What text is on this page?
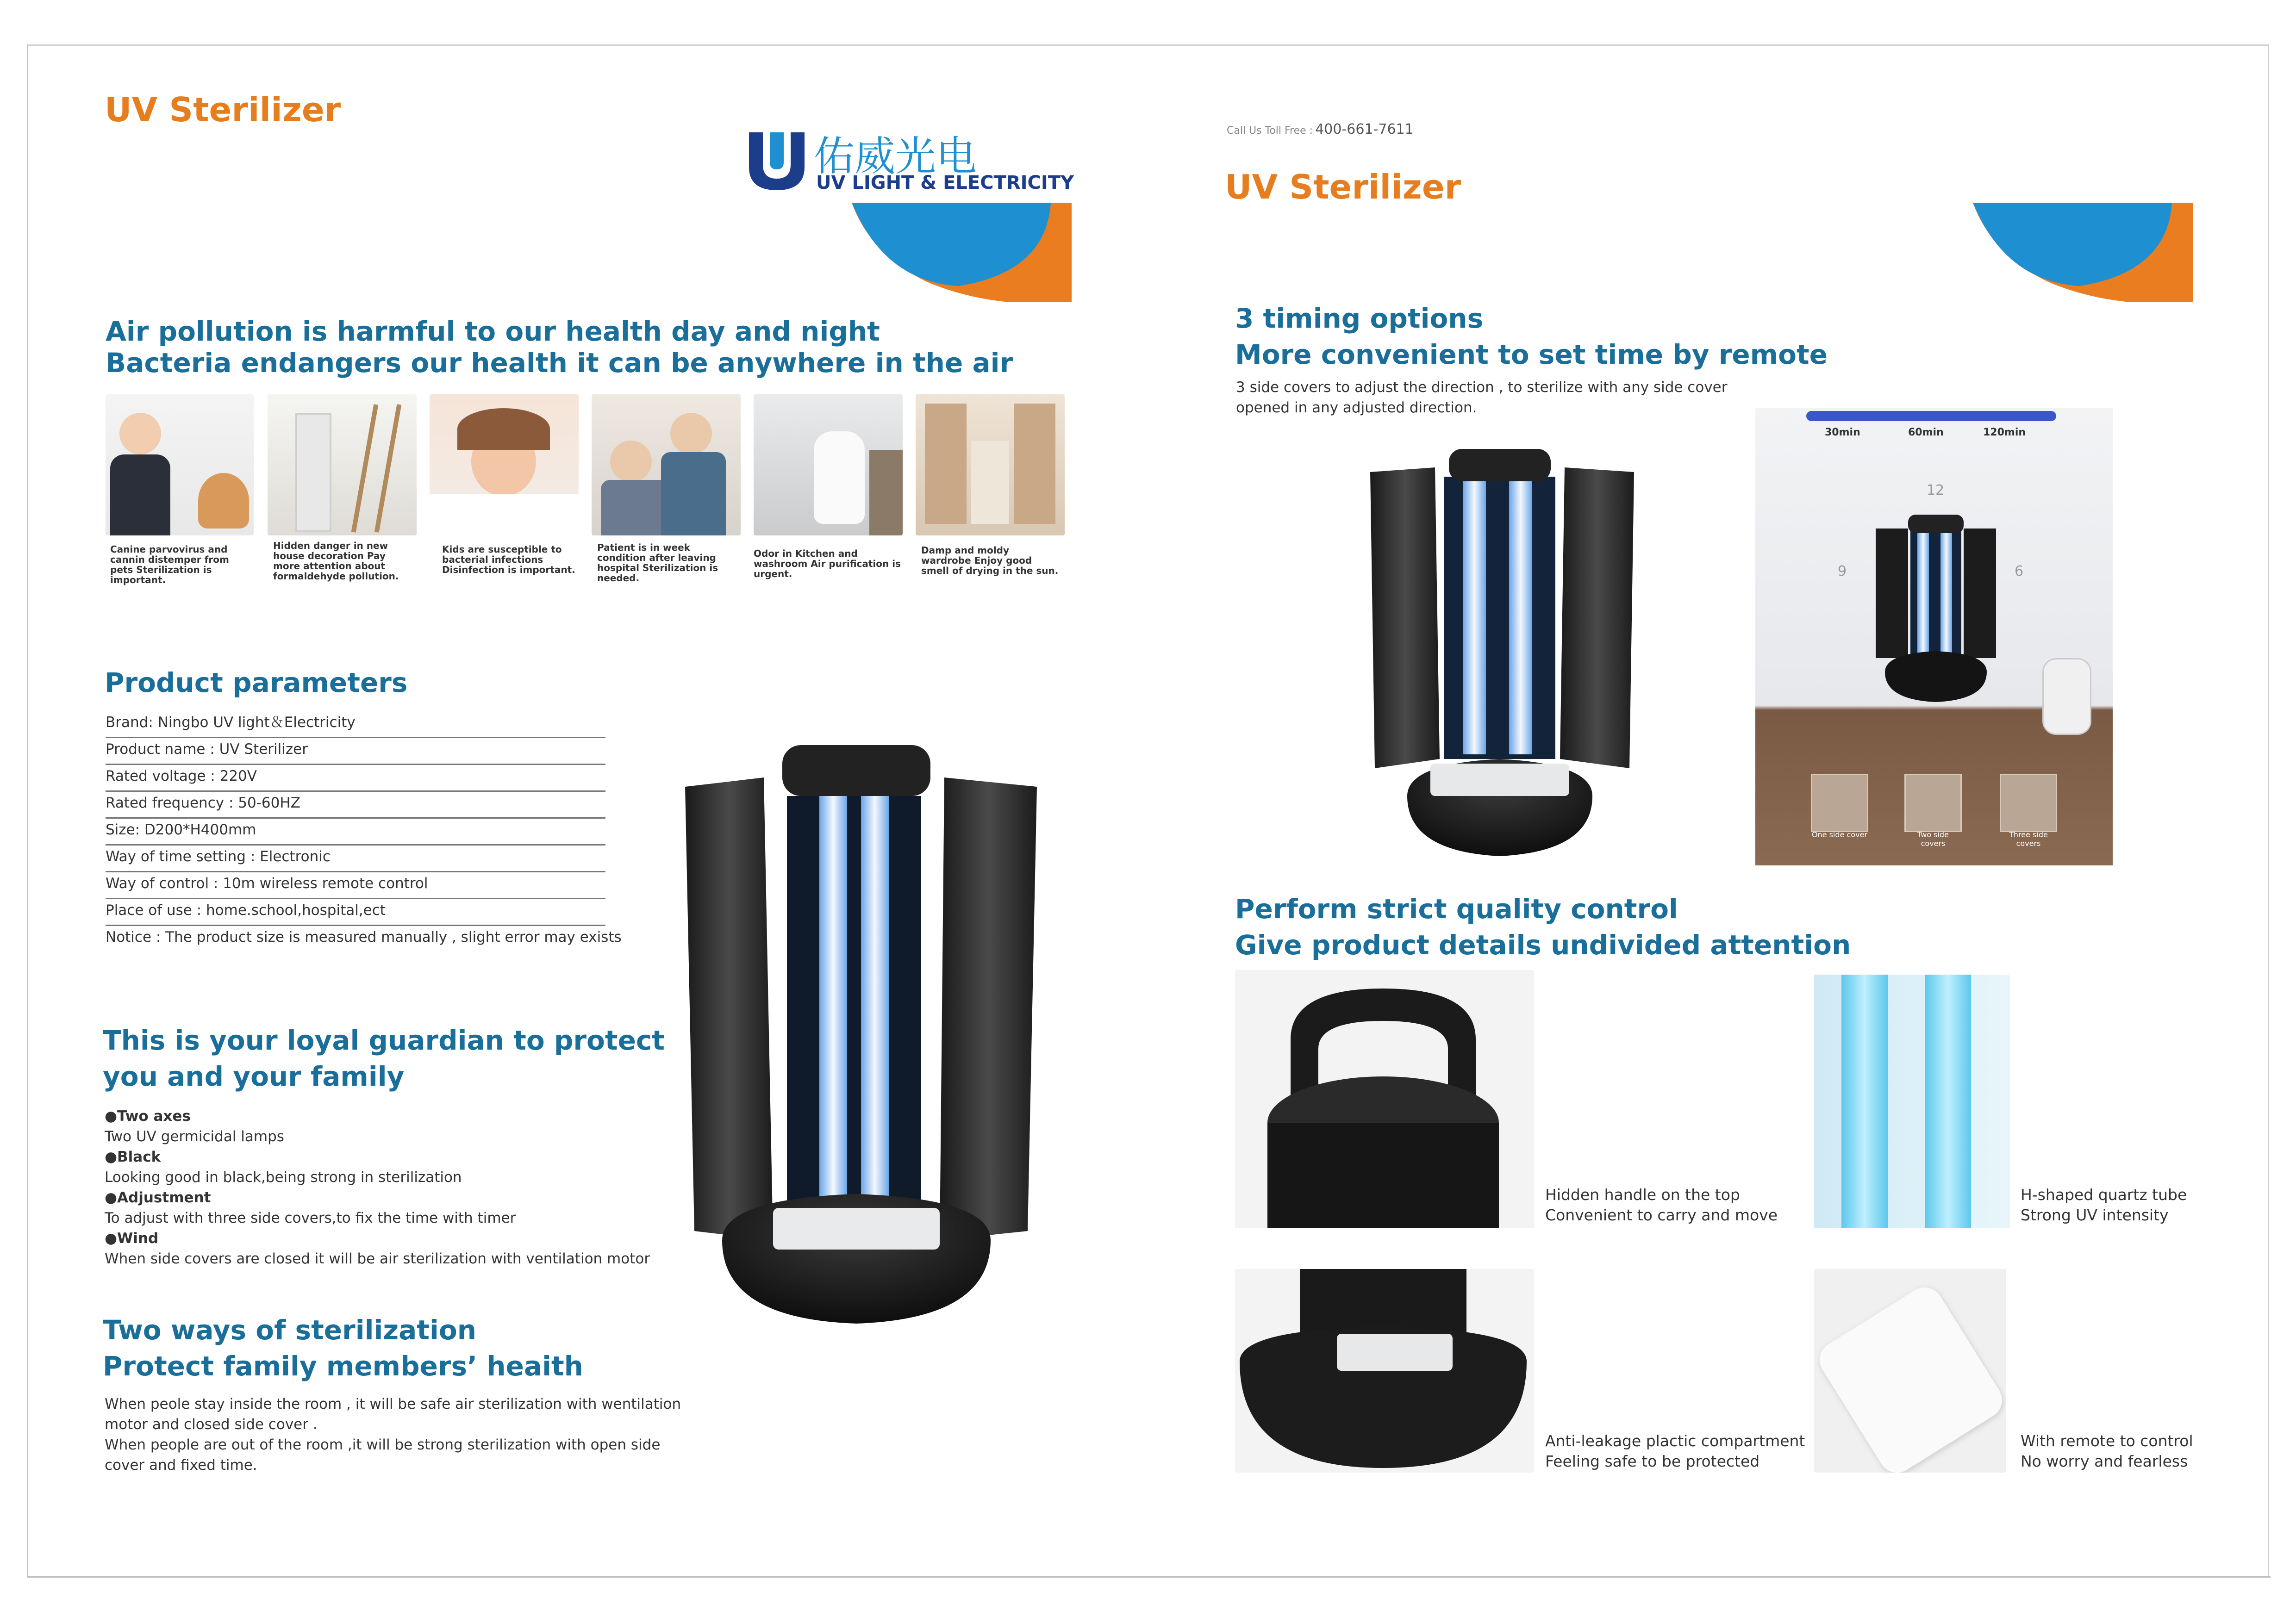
UV Sterilizer
佑威光电
UV LIGHT & ELECTRICITY
Air pollution is harmful to our health day and night
Bacteria endangers our health it can be anywhere in the air
Canine parvovirus and cannin distemper from pets Sterilization is important.
Hidden danger in new house decoration Pay more attention about formaldehyde pollution.
Kids are susceptible to bacterial infections Disinfection is important.
Patient is in week condition after leaving hospital Sterilization is needed.
Odor in Kitchen and washroom Air purification is urgent.
Damp and moldy wardrobe Enjoy good smell of drying in the sun.
Product parameters
Brand: Ningbo UV light＆Electricity
Product name : UV Sterilizer
Rated voltage : 220V
Rated frequency : 50-60HZ
Size: D200*H400mm
Way of time setting : Electronic
Way of control : 10m wireless remote control
Place of use : home.school,hospital,ect
Notice : The product size is measured manually , slight error may exists
This is your loyal guardian to protect
you and your family
●Two axes
Two UV germicidal lamps
●Black
Looking good in black,being strong in sterilization
●Adjustment
To adjust with three side covers,to fix the time with timer
●Wind
When side covers are closed it will be air sterilization with ventilation motor
Two ways of sterilization
Protect family members’ heaith
When peole stay inside the room , it will be safe air sterilization with wentilation
motor and closed side cover .
When people are out of the room ,it will be strong sterilization with open side
cover and fixed time.
Call Us Toll Free : 400-661-7611
UV Sterilizer
3 timing options
More convenient to set time by remote
3 side covers to adjust the direction , to sterilize with any side cover
opened in any adjusted direction.
30min	60min	120min
12
9	6
One side cover	Two side covers
Three side covers
Perform strict quality control
Give product details undivided attention
Hidden handle on the top
Convenient to carry and move
H-shaped quartz tube
Strong UV intensity
Anti-leakage plactic compartment
Feeling safe to be protected
With remote to control
No worry and fearless
